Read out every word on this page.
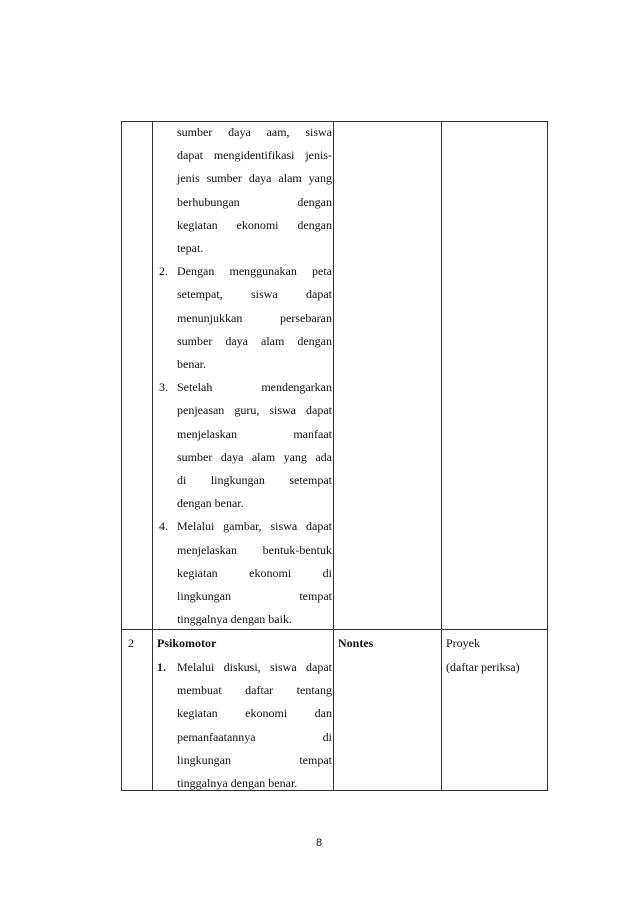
sumber daya aam, siswa
dapat mengidentifikasi jenis-
jenis sumber daya alam yang
berhubungan dengan
kegiatan ekonomi dengan
tepat.
2. Dengan menggunakan peta
setempat, siswa dapat
menunjukkan persebaran
sumber daya alam dengan
benar.
3. Setelah mendengarkan
penjeasan guru, siswa dapat
menjelaskan manfaat
sumber daya alam yang ada
di lingkungan setempat
dengan benar.
4. Melalui gambar, siswa dapat
menjelaskan bentuk-bentuk
kegiatan ekonomi di
lingkungan tempat
tinggalnya dengan baik.
2 Psikomotor
1. Melalui diskusi, siswa dapat
membuat daftar tentang
kegiatan ekonomi dan
pemanfaatannya di
lingkungan tempat
tinggalnya dengan benar.
Nontes	Proyek
(daftar periksa)
8
